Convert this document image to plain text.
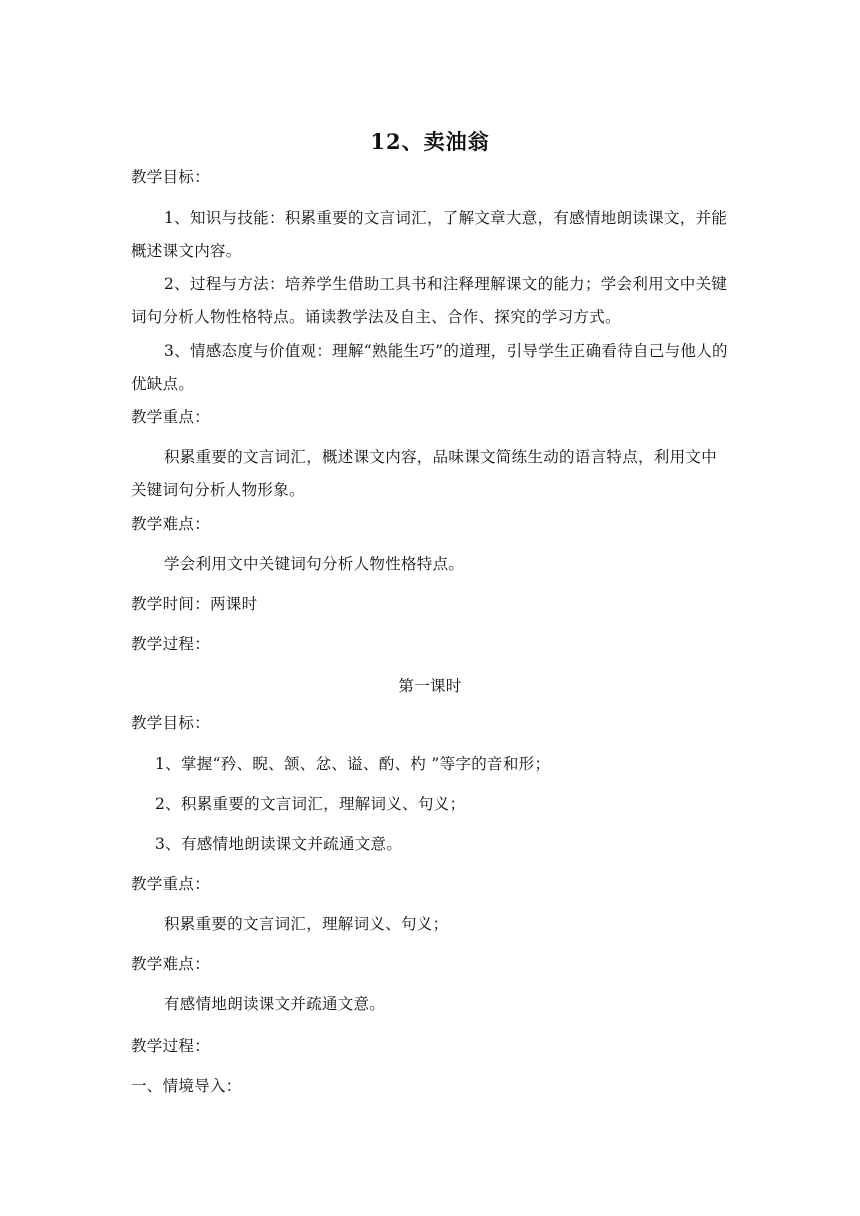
12、卖油翁

教学目标：

1、知识与技能：积累重要的文言词汇，了解文章大意，有感情地朗读课文，并能概述课文内容。

2、过程与方法：培养学生借助工具书和注释理解课文的能力；学会利用文中关键词句分析人物性格特点。诵读教学法及自主、合作、探究的学习方式。

3、情感态度与价值观：理解“熟能生巧”的道理，引导学生正确看待自己与他人的优缺点。

教学重点：

积累重要的文言词汇，概述课文内容，品味课文简练生动的语言特点，利用文中关键词句分析人物形象。

教学难点：

学会利用文中关键词句分析人物性格特点。

教学时间：两课时

教学过程：

第一课时

教学目标：

1、掌握“矜、睨、颔、忿、谥、酌、杓 ”等字的音和形；

2、积累重要的文言词汇，理解词义、句义；

3、有感情地朗读课文并疏通文意。

教学重点：

积累重要的文言词汇，理解词义、句义；

教学难点：

有感情地朗读课文并疏通文意。

教学过程：

一、情境导入：
